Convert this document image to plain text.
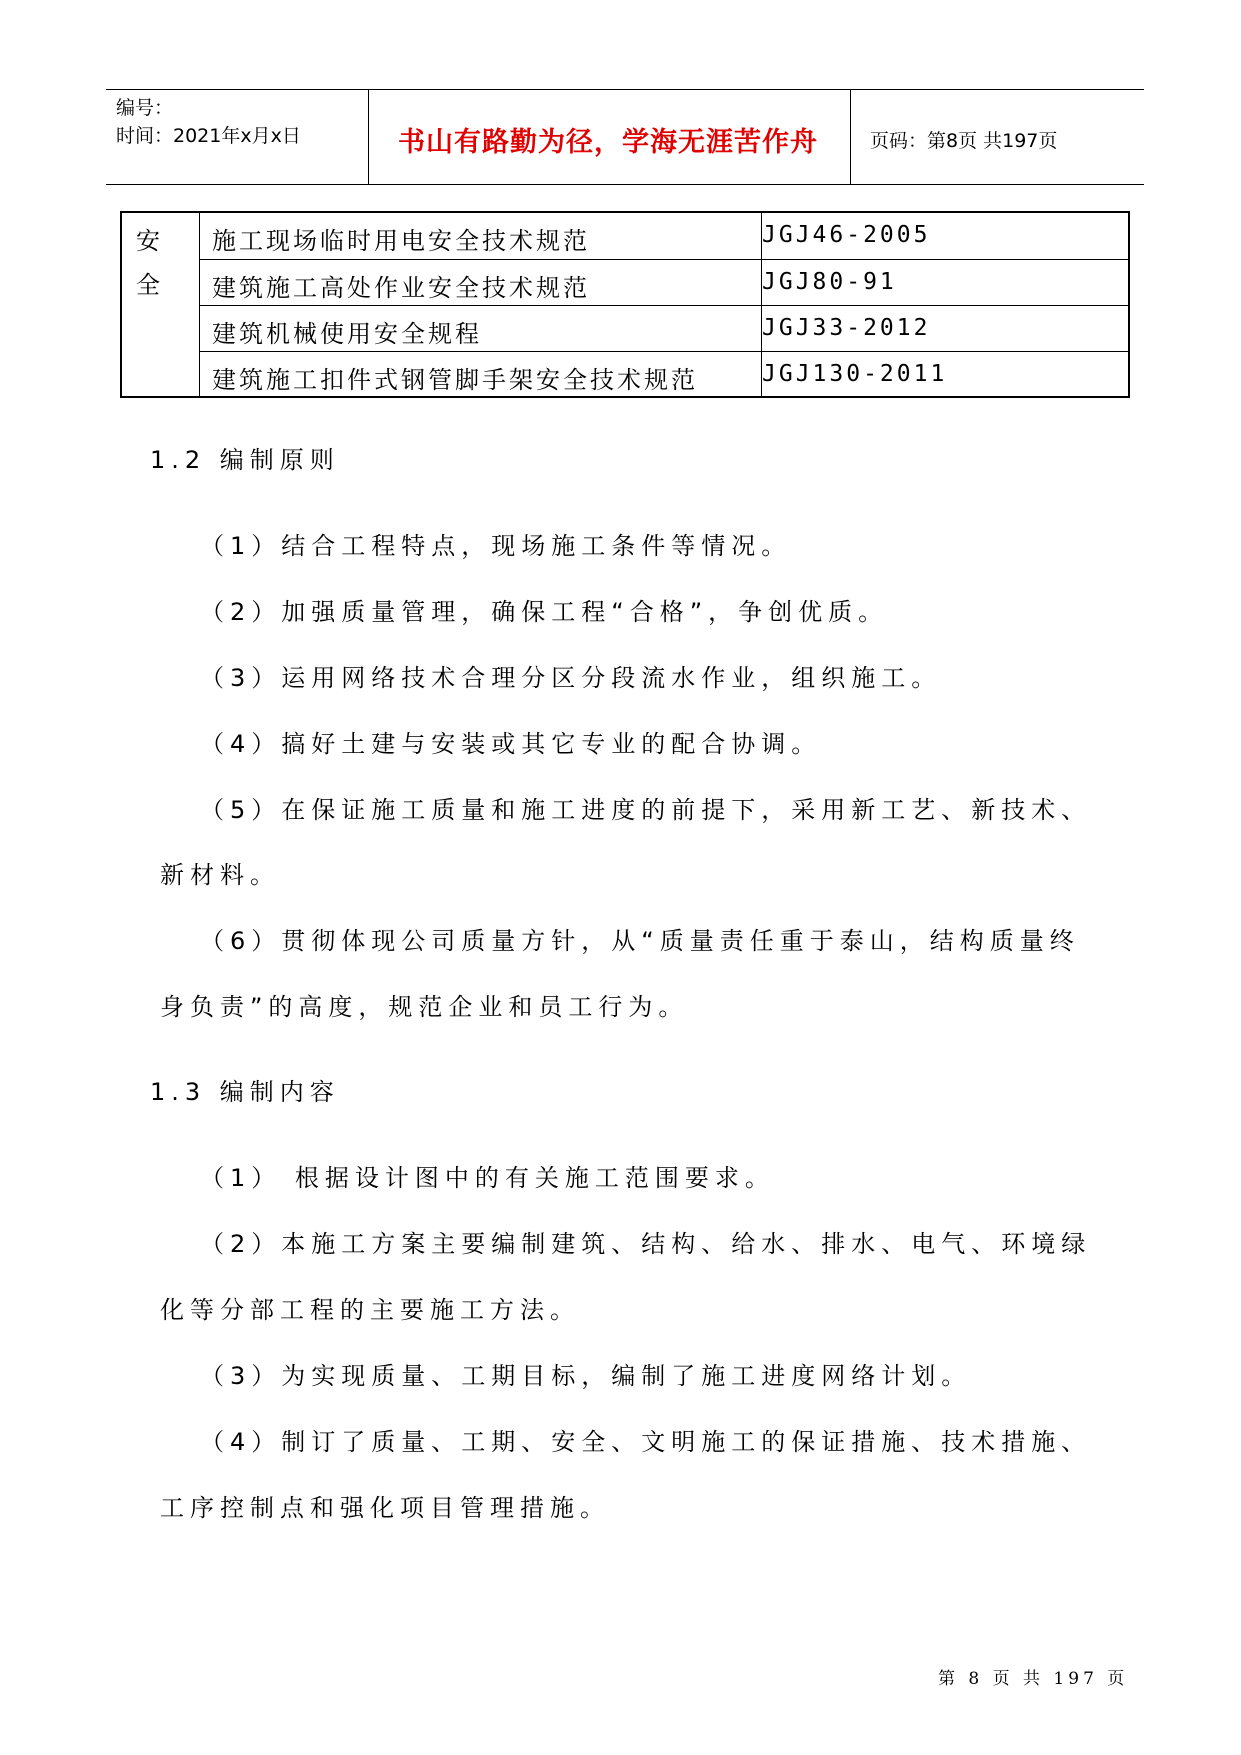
编号：
时间：2021年x月x日	书山有路勤为径，学海无涯苦作舟	页码：第8页 共197页
安
全
施工现场临时用电安全技术规范	JGJ46-2005
建筑施工高处作业安全技术规范	JGJ80-91
建筑机械使用安全规程	JGJ33-2012
建筑施工扣件式钢管脚手架安全技术规范	JGJ130-2011
1.2 编制原则
（1）结合工程特点，现场施工条件等情况。
（2）加强质量管理，确保工程“合格”，争创优质。
（3）运用网络技术合理分区分段流水作业，组织施工。
（4）搞好土建与安装或其它专业的配合协调。
（5）在保证施工质量和施工进度的前提下，采用新工艺、新技术、
新材料。
（6）贯彻体现公司质量方针，从“质量责任重于泰山，结构质量终
身负责”的高度，规范企业和员工行为。
1.3 编制内容
（1） 根据设计图中的有关施工范围要求。
（2）本施工方案主要编制建筑、结构、给水、排水、电气、环境绿
化等分部工程的主要施工方法。
（3）为实现质量、工期目标，编制了施工进度网络计划。
（4）制订了质量、工期、安全、文明施工的保证措施、技术措施、
工序控制点和强化项目管理措施。
第 8 页 共 197 页
